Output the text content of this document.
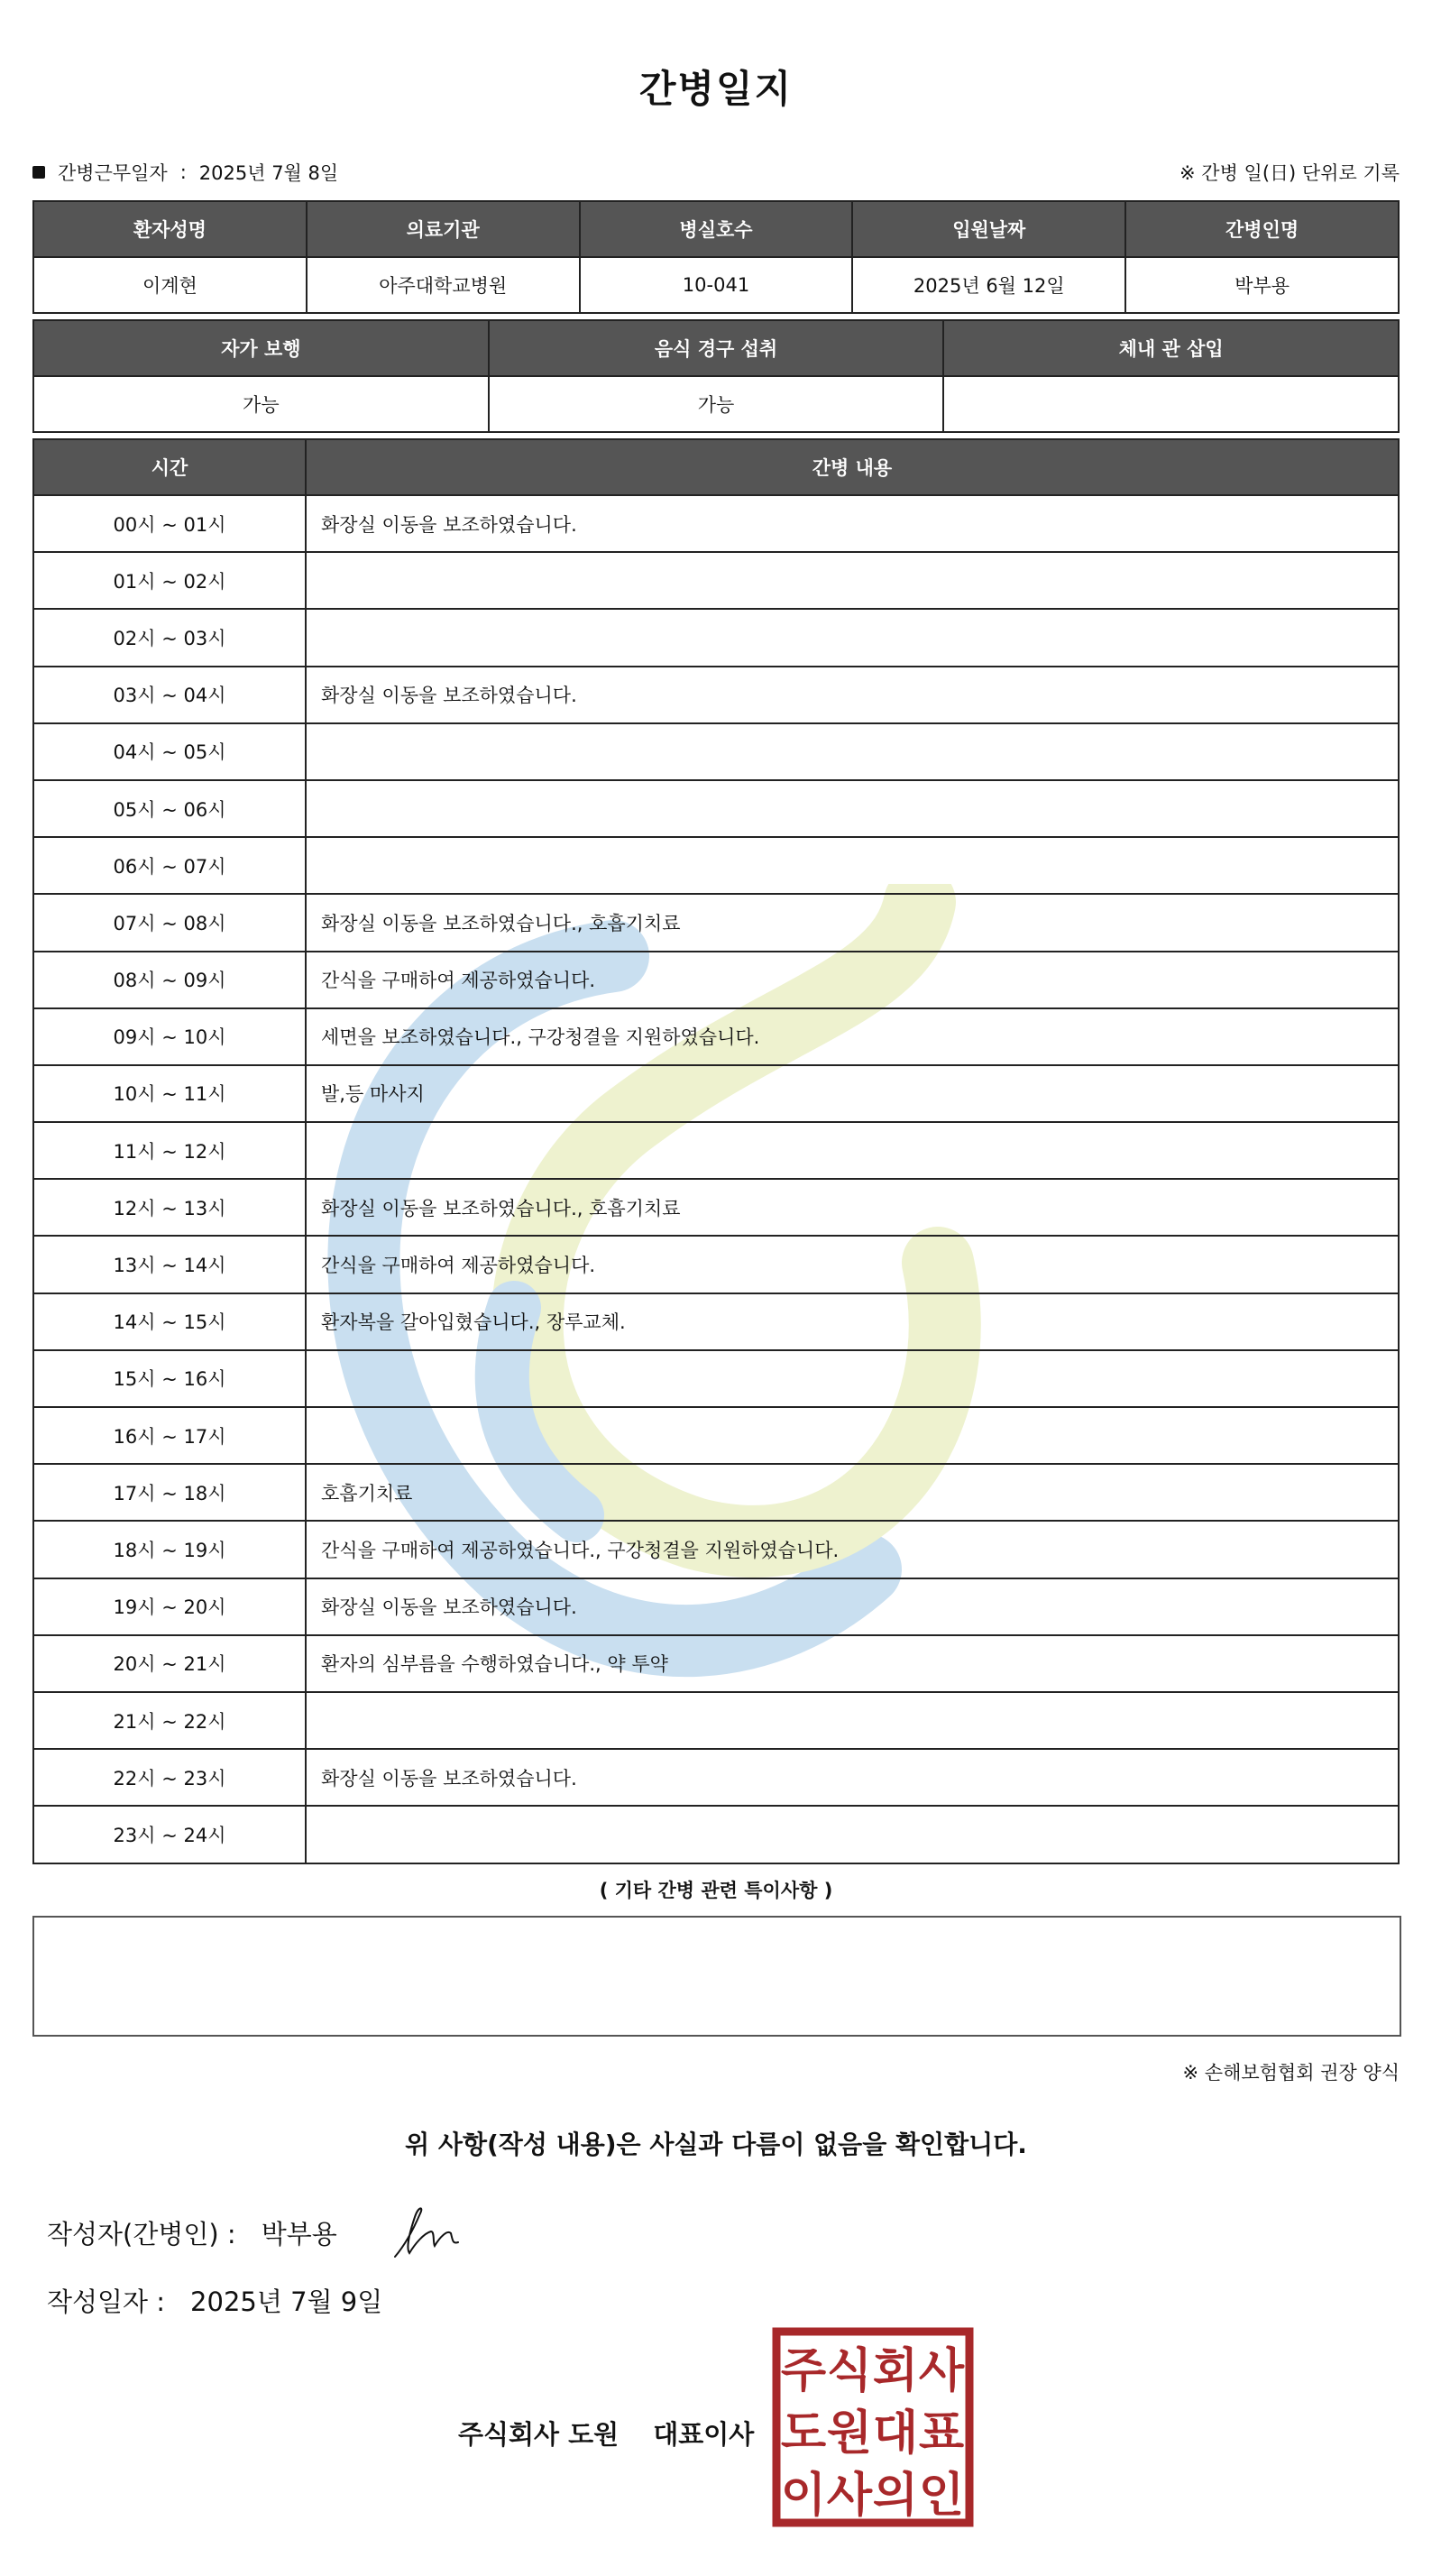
간병일지
간병근무일자 : 2025년 7월 8일	※ 간병 일(日) 단위로 기록
환자성명	의료기관	병실호수	입원날짜	간병인명
이계현	아주대학교병원	10-041	2025년 6월 12일	박부용
자가 보행	음식 경구 섭취	체내 관 삽입
가능	가능	
시간	간병 내용
00시 ~ 01시	화장실 이동을 보조하였습니다.
01시 ~ 02시	
02시 ~ 03시	
03시 ~ 04시	화장실 이동을 보조하였습니다.
04시 ~ 05시	
05시 ~ 06시	
06시 ~ 07시	
07시 ~ 08시	화장실 이동을 보조하였습니다., 호흡기치료
08시 ~ 09시	간식을 구매하여 제공하였습니다.
09시 ~ 10시	세면을 보조하였습니다., 구강청결을 지원하였습니다.
10시 ~ 11시	발,등 마사지
11시 ~ 12시	
12시 ~ 13시	화장실 이동을 보조하였습니다., 호흡기치료
13시 ~ 14시	간식을 구매하여 제공하였습니다.
14시 ~ 15시	환자복을 갈아입혔습니다., 장루교체.
15시 ~ 16시	
16시 ~ 17시	
17시 ~ 18시	호흡기치료
18시 ~ 19시	간식을 구매하여 제공하였습니다., 구강청결을 지원하였습니다.
19시 ~ 20시	화장실 이동을 보조하였습니다.
20시 ~ 21시	환자의 심부름을 수행하였습니다., 약 투약
21시 ~ 22시	
22시 ~ 23시	화장실 이동을 보조하였습니다.
23시 ~ 24시	
( 기타 간병 관련 특이사항 )
※ 손해보험협회 권장 양식
위 사항(작성 내용)은 사실과 다름이 없음을 확인합니다.
작성자(간병인) : 박부용
작성일자 : 2025년 7월 9일
주식회사 도원 대표이사
주 식 회 사
도 원 대 표
이 사 의 인
